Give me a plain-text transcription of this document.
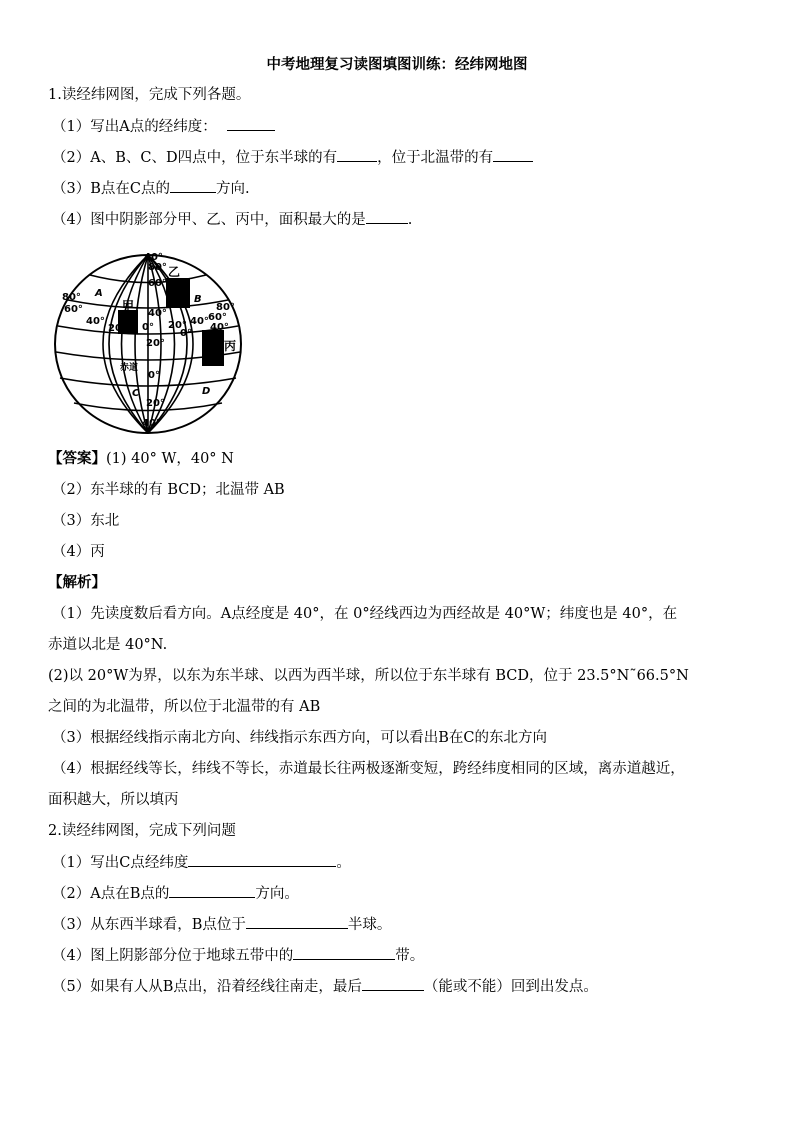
中考地理复习读图填图训练：经纬网地图
1.读经纬网图，完成下列各题。
（1）写出A点的经纬度：
（2）A、B、C、D四点中，位于东半球的有	，位于北温带的有
（3）B点在C点的	方向.
（4）图中阴影部分甲、乙、丙中，面积最大的是	.
40°
80°
80°
60°
A
40°
甲
20°
60°
乙
40°
B
20°
0°
20°
40°
80°
60°
40°
0°
丙
D
赤道
0°
C
20°
40°
【答案】(1) 40° W，40° N
（2）东半球的有 BCD；北温带 AB
（3）东北
（4）丙
【解析】
（1）先读度数后看方向。A点经度是 40°，在 0°经线西边为西经故是 40°W；纬度也是 40°，在
赤道以北是 40°N.
(2)以 20°W为界，以东为东半球、以西为西半球，所以位于东半球有 BCD，位于 23.5°N˜66.5°N
之间的为北温带，所以位于北温带的有 AB
（3）根据经线指示南北方向、纬线指示东西方向，可以看出B在C的东北方向
（4）根据经线等长，纬线不等长，赤道最长往两极逐渐变短，跨经纬度相同的区域，离赤道越近，
面积越大，所以填丙
2.读经纬网图，完成下列问题
（1）写出C点经纬度	。
（2）A点在B点的	方向。
（3）从东西半球看，B点位于	半球。
（4）图上阴影部分位于地球五带中的	带。
（5）如果有人从B点出，沿着经线往南走，最后	（能或不能）回到出发点。
